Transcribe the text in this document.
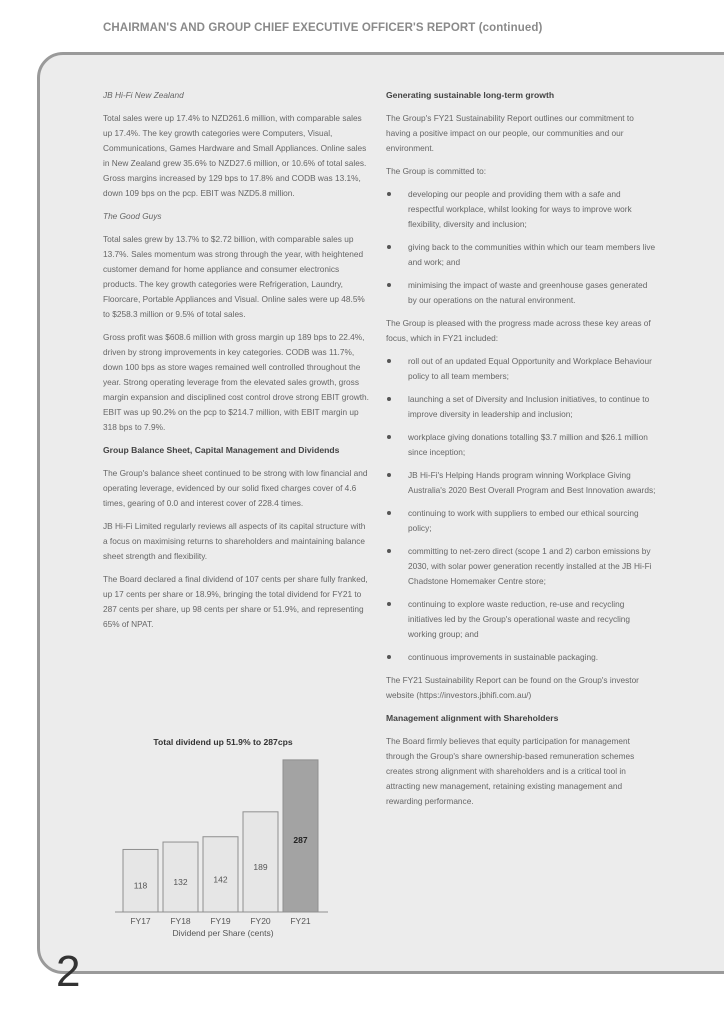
CHAIRMAN'S AND GROUP CHIEF EXECUTIVE OFFICER'S REPORT (continued)

JB Hi-Fi New Zealand

Total sales were up 17.4% to NZD261.6 million, with comparable sales up 17.4%. The key growth categories were Computers, Visual, Communications, Games Hardware and Small Appliances. Online sales in New Zealand grew 35.6% to NZD27.6 million, or 10.6% of total sales. Gross margins increased by 129 bps to 17.8% and CODB was 13.1%, down 109 bps on the pcp. EBIT was NZD5.8 million.

The Good Guys

Total sales grew by 13.7% to $2.72 billion, with comparable sales up 13.7%. Sales momentum was strong through the year, with heightened customer demand for home appliance and consumer electronics products. The key growth categories were Refrigeration, Laundry, Floorcare, Portable Appliances and Visual. Online sales were up 48.5% to $258.3 million or 9.5% of total sales.

Gross profit was $608.6 million with gross margin up 189 bps to 22.4%, driven by strong improvements in key categories. CODB was 11.7%, down 100 bps as store wages remained well controlled throughout the year. Strong operating leverage from the elevated sales growth, gross margin expansion and disciplined cost control drove strong EBIT growth. EBIT was up 90.2% on the pcp to $214.7 million, with EBIT margin up 318 bps to 7.9%.

Group Balance Sheet, Capital Management and Dividends

The Group's balance sheet continued to be strong with low financial and operating leverage, evidenced by our solid fixed charges cover of 4.6 times, gearing of 0.0 and interest cover of 228.4 times.

JB Hi-Fi Limited regularly reviews all aspects of its capital structure with a focus on maximising returns to shareholders and maintaining balance sheet strength and flexibility.

The Board declared a final dividend of 107 cents per share fully franked, up 17 cents per share or 18.9%, bringing the total dividend for FY21 to 287 cents per share, up 98 cents per share or 51.9%, and representing 65% of NPAT.

Generating sustainable long-term growth

The Group's FY21 Sustainability Report outlines our commitment to having a positive impact on our people, our communities and our environment.

The Group is committed to:

developing our people and providing them with a safe and respectful workplace, whilst looking for ways to improve work flexibility, diversity and inclusion;
giving back to the communities within which our team members live and work; and
minimising the impact of waste and greenhouse gases generated by our operations on the natural environment.

The Group is pleased with the progress made across these key areas of focus, which in FY21 included:

roll out of an updated Equal Opportunity and Workplace Behaviour policy to all team members;
launching a set of Diversity and Inclusion initiatives, to continue to improve diversity in leadership and inclusion;
workplace giving donations totalling $3.7 million and $26.1 million since inception;
JB Hi-Fi's Helping Hands program winning Workplace Giving Australia's 2020 Best Overall Program and Best Innovation awards;
continuing to work with suppliers to embed our ethical sourcing policy;
committing to net-zero direct (scope 1 and 2) carbon emissions by 2030, with solar power generation recently installed at the JB Hi-Fi Chadstone Homemaker Centre store;
continuing to explore waste reduction, re-use and recycling initiatives led by the Group's operational waste and recycling working group; and
continuous improvements in sustainable packaging.

The FY21 Sustainability Report can be found on the Group's investor website (https://investors.jbhifi.com.au/)

Management alignment with Shareholders

The Board firmly believes that equity participation for management through the Group's share ownership-based remuneration schemes creates strong alignment with shareholders and is a critical tool in attracting new management, retaining existing management and rewarding performance.

Total dividend up 51.9% to 287cps
118
FY17
132
FY18
142
FY19
189
FY20
287
FY21
Dividend per Share (cents)
2
